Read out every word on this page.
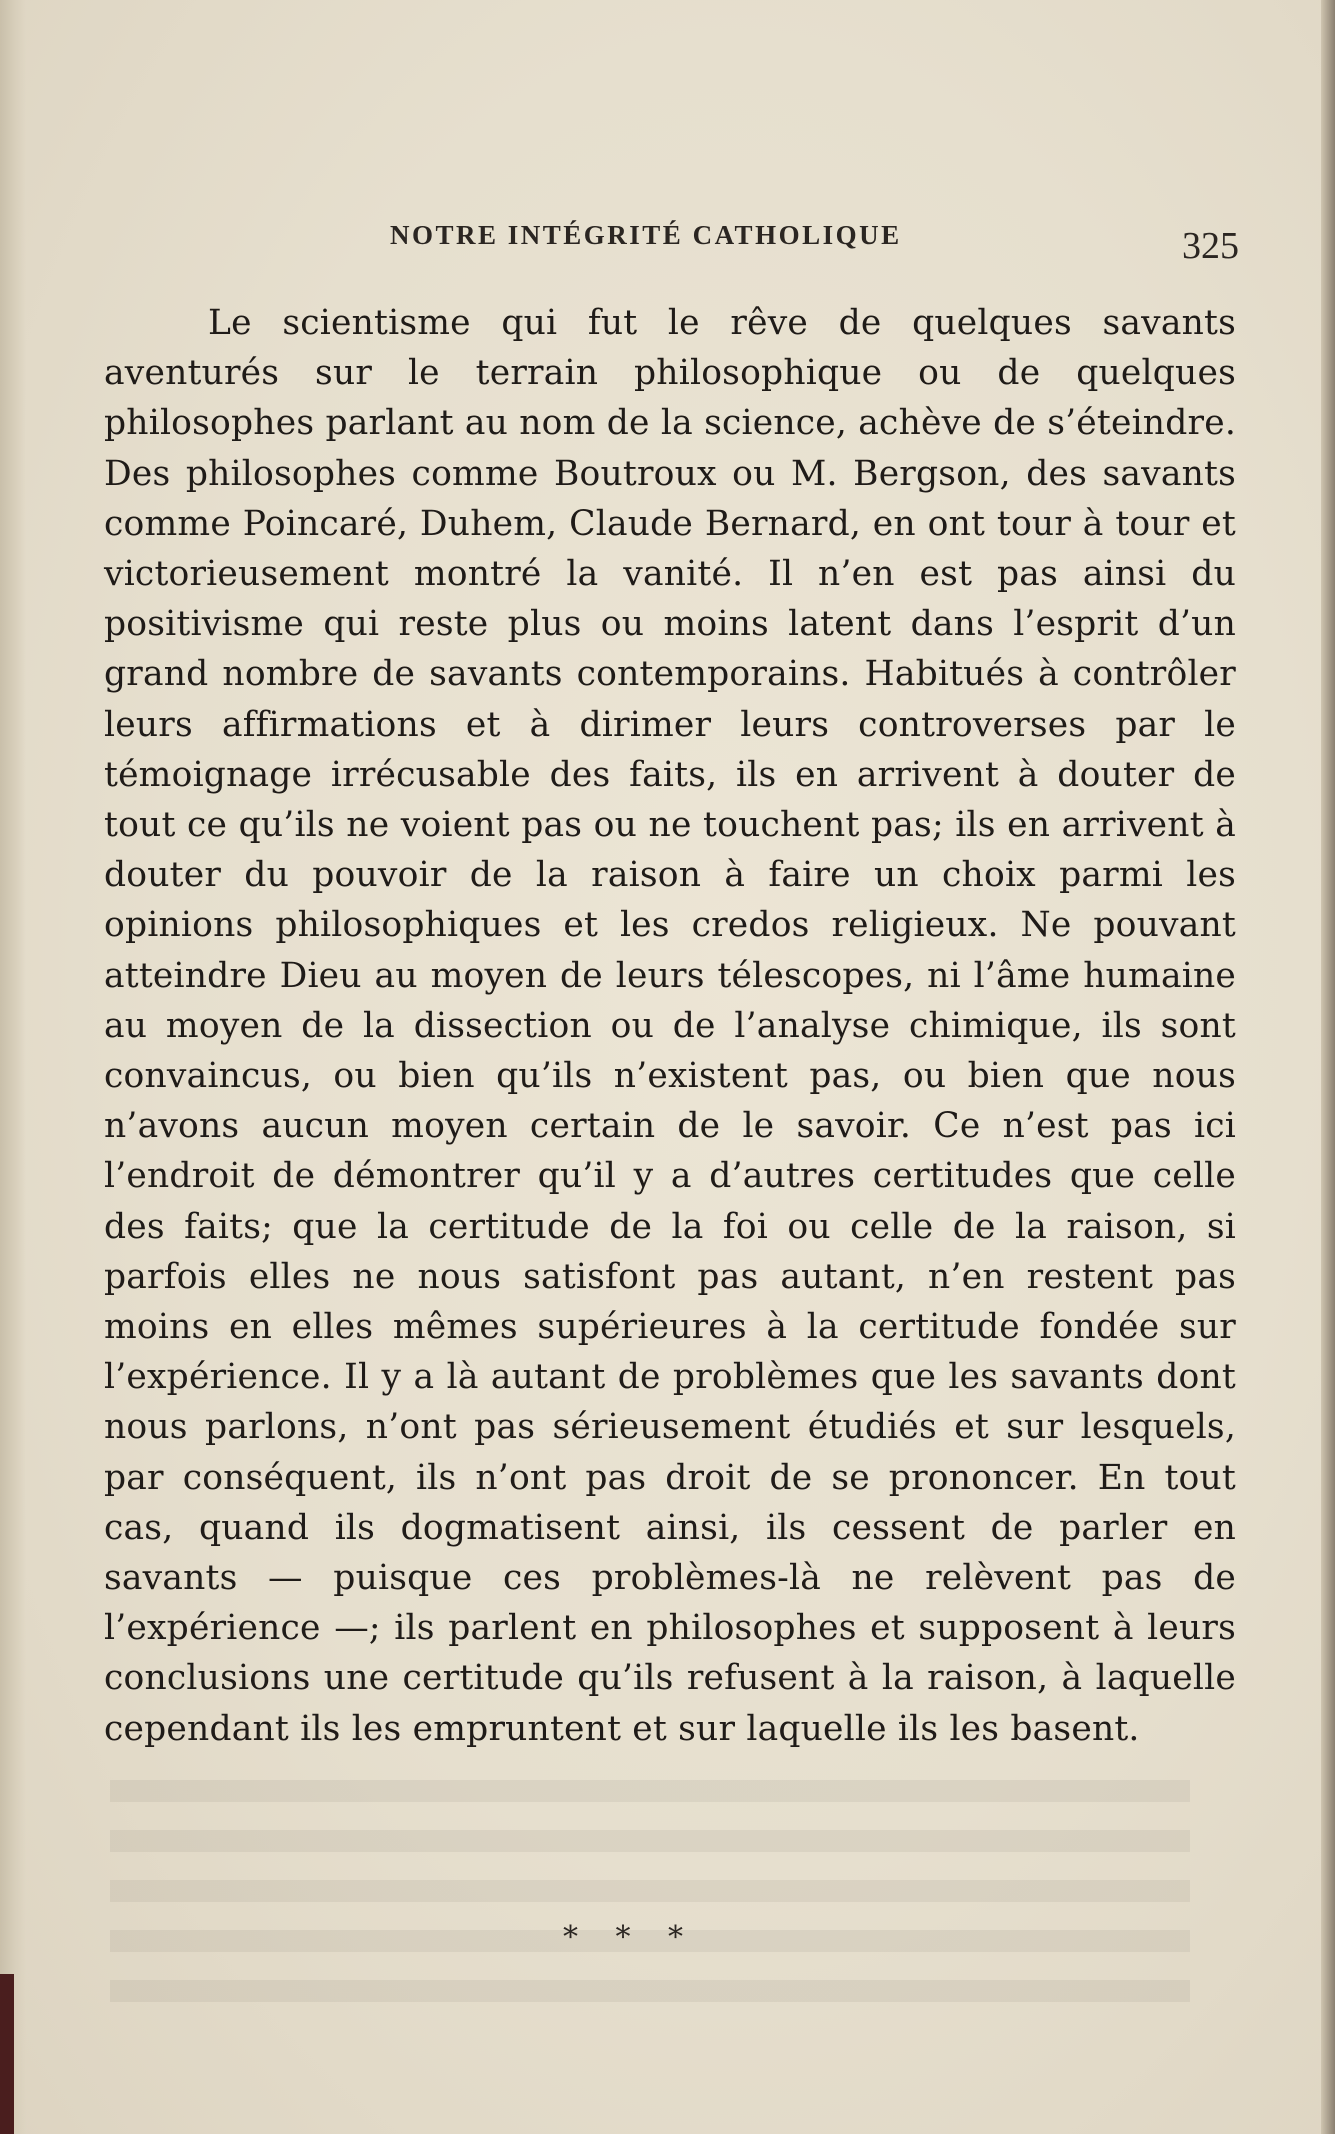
NOTRE INTÉGRITÉ CATHOLIQUE	325

Le scientisme qui fut le rêve de quelques savants aventurés sur le terrain philosophique ou de quelques philosophes parlant au nom de la science, achève de s’éteindre. Des philosophes comme Boutroux ou M. Bergson, des savants comme Poincaré, Duhem, Claude Bernard, en ont tour à tour et victorieusement montré la vanité. Il n’en est pas ainsi du positivisme qui reste plus ou moins latent dans l’esprit d’un grand nombre de savants contemporains. Habitués à contrôler leurs affirmations et à dirimer leurs controverses par le témoignage irrécusable des faits, ils en arrivent à douter de tout ce qu’ils ne voient pas ou ne touchent pas; ils en arrivent à douter du pouvoir de la raison à faire un choix parmi les opinions philosophiques et les credos religieux. Ne pouvant atteindre Dieu au moyen de leurs télescopes, ni l’âme humaine au moyen de la dissection ou de l’analyse chimique, ils sont convaincus, ou bien qu’ils n’existent pas, ou bien que nous n’avons aucun moyen certain de le savoir. Ce n’est pas ici l’endroit de démontrer qu’il y a d’autres certitudes que celle des faits; que la certitude de la foi ou celle de la raison, si parfois elles ne nous satisfont pas autant, n’en restent pas moins en elles mêmes supérieures à la certitude fondée sur l’expérience. Il y a là autant de problèmes que les savants dont nous parlons, n’ont pas sérieusement étudiés et sur lesquels, par conséquent, ils n’ont pas droit de se prononcer. En tout cas, quand ils dogmatisent ainsi, ils cessent de parler en savants — puisque ces problèmes-là ne relèvent pas de l’expérience —; ils parlent en philosophes et supposent à leurs conclusions une certitude qu’ils refusent à la raison, à laquelle cependant ils les empruntent et sur laquelle ils les basent.

* * *
